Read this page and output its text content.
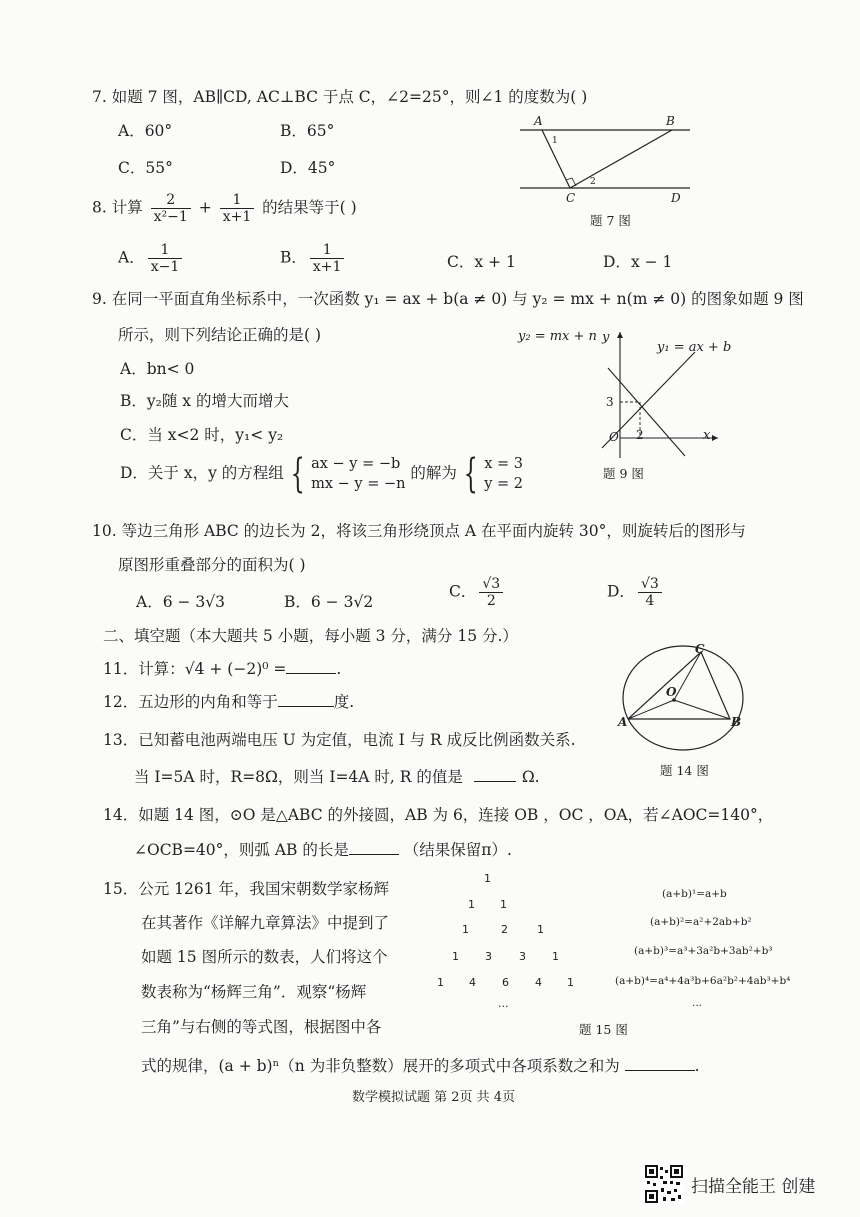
7. 如题 7 图，AB∥CD, AC⊥BC 于点 C，∠2=25°，则∠1 的度数为( )
A．60°	B．65°
C．55°	D．45°
A	B
C	D
1
2
题 7 图
8. 计算 $\frac{2}{\text{x²−1}} + \frac{1}{x+1}$ 的结果等于( )
A． $\frac{1}{x-1}$	B． $\frac{1}{x+1}$	C．x + 1	D．x − 1
9. 在同一平面直角坐标系中，一次函数 y₁ = ax + b(a ≠ 0) 与 y₂ = mx + n(m ≠ 0) 的图象如题 9 图
所示，则下列结论正确的是( )
A．bn< 0
B．y₂随 x 的增大而增大
C．当 x<2 时，y₁< y₂
D．关于 x，y 的方程组 { ax − y = −b
mx − y = −n
的解为 { x = 3
y = 2
y₂ = mx + n
y₁ = ax + b
y
x
O 2
3
题 9 图
10. 等边三角形 ABC 的边长为 2，将该三角形绕顶点 A 在平面内旋转 30°，则旋转后的图形与
原图形重叠部分的面积为( )
A．6 − 3√3	B．6 − 3√2
C． $\frac{√3}{2}$	D． $\frac{√3}{4}$
二、填空题（本大题共 5 小题，每小题 3 分，满分 15 分.）
11．计算：√4 + (−2)⁰ =	.
12．五边形的内角和等于	度.
13．已知蓄电池两端电压 U 为定值，电流 I 与 R 成反比例函数关系.
当 I=5A 时，R=8Ω，则当 I=4A 时, R 的值是	Ω.
C
O
A	B
题 14 图
14．如题 14 图，⊙O 是△ABC 的外接圆，AB 为 6，连接 OB ，OC ，OA，若∠AOC=140°，
∠OCB=40°，则弧 AB 的长是	（结果保留π）.
15．公元 1261 年，我国宋朝数学家杨辉
在其著作《详解九章算法》中提到了
如题 15 图所示的数表，人们将这个
数表称为“杨辉三角”．观察“杨辉
三角”与右侧的等式图，根据图中各
式的规律，(a + b)ⁿ（n 为非负整数）展开的多项式中各项系数之和为	.
1
1 1
1	2	1
1 3 3 1
1 4 6 4 1
...
(a+b)¹=a+b
(a+b)²=a²+2ab+b²
(a+b)³=a³+3a²b+3ab²+b³
(a+b)⁴=a⁴+4a³b+6a²b²+4ab³+b⁴
...
题 15 图
数学模拟试题 第 2页 共 4页
扫描全能王 创建
